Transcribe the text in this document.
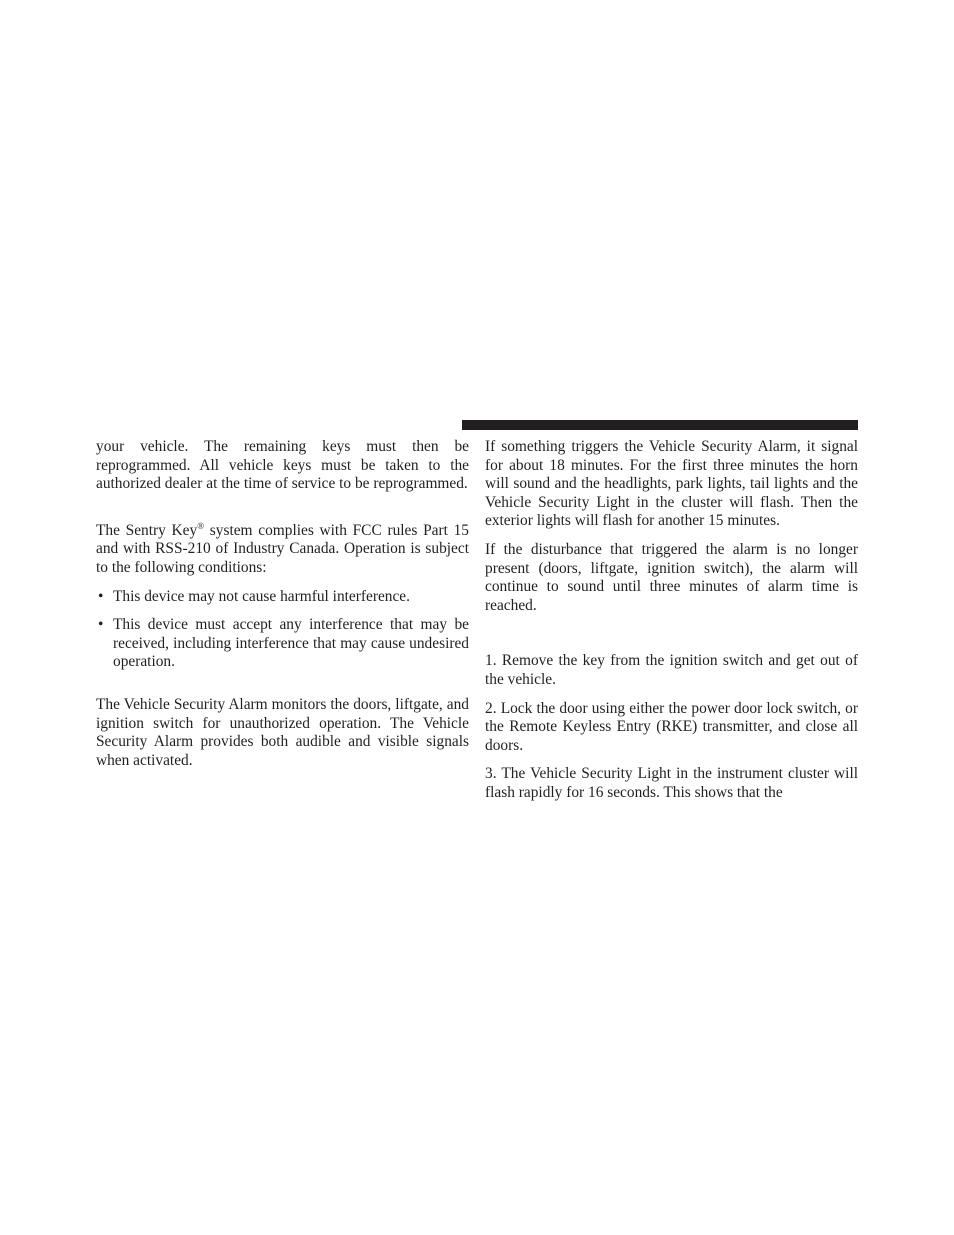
your vehicle. The remaining keys must then be reprogrammed. All vehicle keys must be taken to the authorized dealer at the time of service to be reprogrammed.

The Sentry Key® system complies with FCC rules Part 15 and with RSS-210 of Industry Canada. Operation is subject to the following conditions:

• This device may not cause harmful interference.
• This device must accept any interference that may be received, including interference that may cause undesired operation.

The Vehicle Security Alarm monitors the doors, liftgate, and ignition switch for unauthorized operation. The Vehicle Security Alarm provides both audible and visible signals when activated.

If something triggers the Vehicle Security Alarm, it signal for about 18 minutes. For the first three minutes the horn will sound and the headlights, park lights, tail lights and the Vehicle Security Light in the cluster will flash. Then the exterior lights will flash for another 15 minutes.

If the disturbance that triggered the alarm is no longer present (doors, liftgate, ignition switch), the alarm will continue to sound until three minutes of alarm time is reached.

1. Remove the key from the ignition switch and get out of the vehicle.

2. Lock the door using either the power door lock switch, or the Remote Keyless Entry (RKE) transmitter, and close all doors.

3. The Vehicle Security Light in the instrument cluster will flash rapidly for 16 seconds. This shows that the
